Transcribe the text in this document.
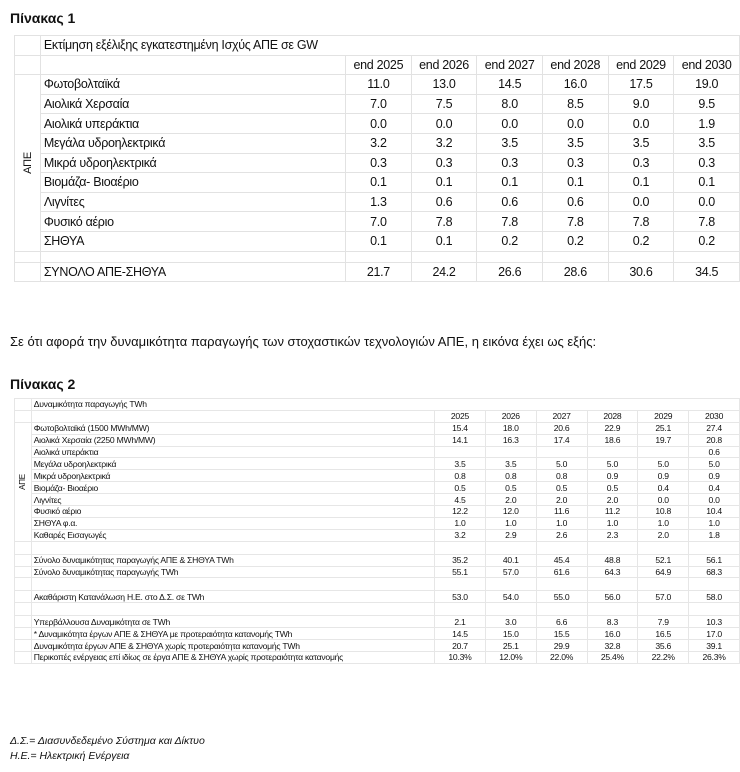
Πίνακας 1
	Εκτίμηση εξέλιξης εγκατεστημένη Ισχύς ΑΠΕ σε GW						
		end 2025	end 2026	end 2027	end 2028	end 2029	end 2030
ΑΠΕ	Φωτοβολταϊκά	11.0	13.0	14.5	16.0	17.5	19.0
	Αιολικά Χερσαία	7.0	7.5	8.0	8.5	9.0	9.5
	Αιολικά υπεράκτια	0.0	0.0	0.0	0.0	0.0	1.9
	Μεγάλα υδροηλεκτρικά	3.2	3.2	3.5	3.5	3.5	3.5
	Μικρά υδροηλεκτρικά	0.3	0.3	0.3	0.3	0.3	0.3
	Βιομάζα- Βιοαέριο	0.1	0.1	0.1	0.1	0.1	0.1
	Λιγνίτες	1.3	0.6	0.6	0.6	0.0	0.0
	Φυσικό αέριο	7.0	7.8	7.8	7.8	7.8	7.8
	ΣΗΘΥΑ	0.1	0.1	0.2	0.2	0.2	0.2

	ΣΥΝΟΛΟ ΑΠΕ-ΣΗΘΥΑ	21.7	24.2	26.6	28.6	30.6	34.5
Σε ότι αφορά την δυναμικότητα παραγωγής των στοχαστικών τεχνολογιών ΑΠΕ, η εικόνα έχει ως εξής:
Πίνακας 2
	Δυναμικότητα παραγωγής TWh						
		2025	2026	2027	2028	2029	2030
ΑΠΕ	Φωτοβολταϊκά (1500 MWh/MW)	15.4	18.0	20.6	22.9	25.1	27.4
	Αιολικά Χερσαία (2250 MWh/MW)	14.1	16.3	17.4	18.6	19.7	20.8
	Αιολικά υπεράκτια						0.6
	Μεγάλα υδροηλεκτρικά	3.5	3.5	5.0	5.0	5.0	5.0
	Μικρά υδροηλεκτρικά	0.8	0.8	0.8	0.9	0.9	0.9
	Βιομάζα- Βιοαέριο	0.5	0.5	0.5	0.5	0.4	0.4
	Λιγνίτες	4.5	2.0	2.0	2.0	0.0	0.0
	Φυσικό αέριο	12.2	12.0	11.6	11.2	10.8	10.4
	ΣΗΘΥΑ φ.α.	1.0	1.0	1.0	1.0	1.0	1.0
	Καθαρές Εισαγωγές	3.2	2.9	2.6	2.3	2.0	1.8

	Σύνολο δυναμικότητας παραγωγής ΑΠΕ & ΣΗΘΥΑ TWh	35.2	40.1	45.4	48.8	52.1	56.1
	Σύνολο δυναμικότητας παραγωγής TWh	55.1	57.0	61.6	64.3	64.9	68.3

	Ακαθάριστη Κατανάλωση Η.Ε. στο Δ.Σ. σε TWh	53.0	54.0	55.0	56.0	57.0	58.0

	Υπερβάλλουσα Δυναμικότητα σε TWh	2.1	3.0	6.6	8.3	7.9	10.3
	* Δυναμικότητα έργων ΑΠΕ & ΣΗΘΥΑ με προτεραιότητα κατανομής TWh	14.5	15.0	15.5	16.0	16.5	17.0
	Δυναμικότητα έργων ΑΠΕ & ΣΗΘΥΑ χωρίς προτεραιότητα κατανομής TWh	20.7	25.1	29.9	32.8	35.6	39.1
	Περικοπές ενέργειας επί ιδίως σε έργα ΑΠΕ & ΣΗΘΥΑ χωρίς προτεραιότητα κατανομής	10.3%	12.0%	22.0%	25.4%	22.2%	26.3%
Δ.Σ.= Διασυνδεδεμένο Σύστημα και Δίκτυο
Η.Ε.= Ηλεκτρική Ενέργεια
